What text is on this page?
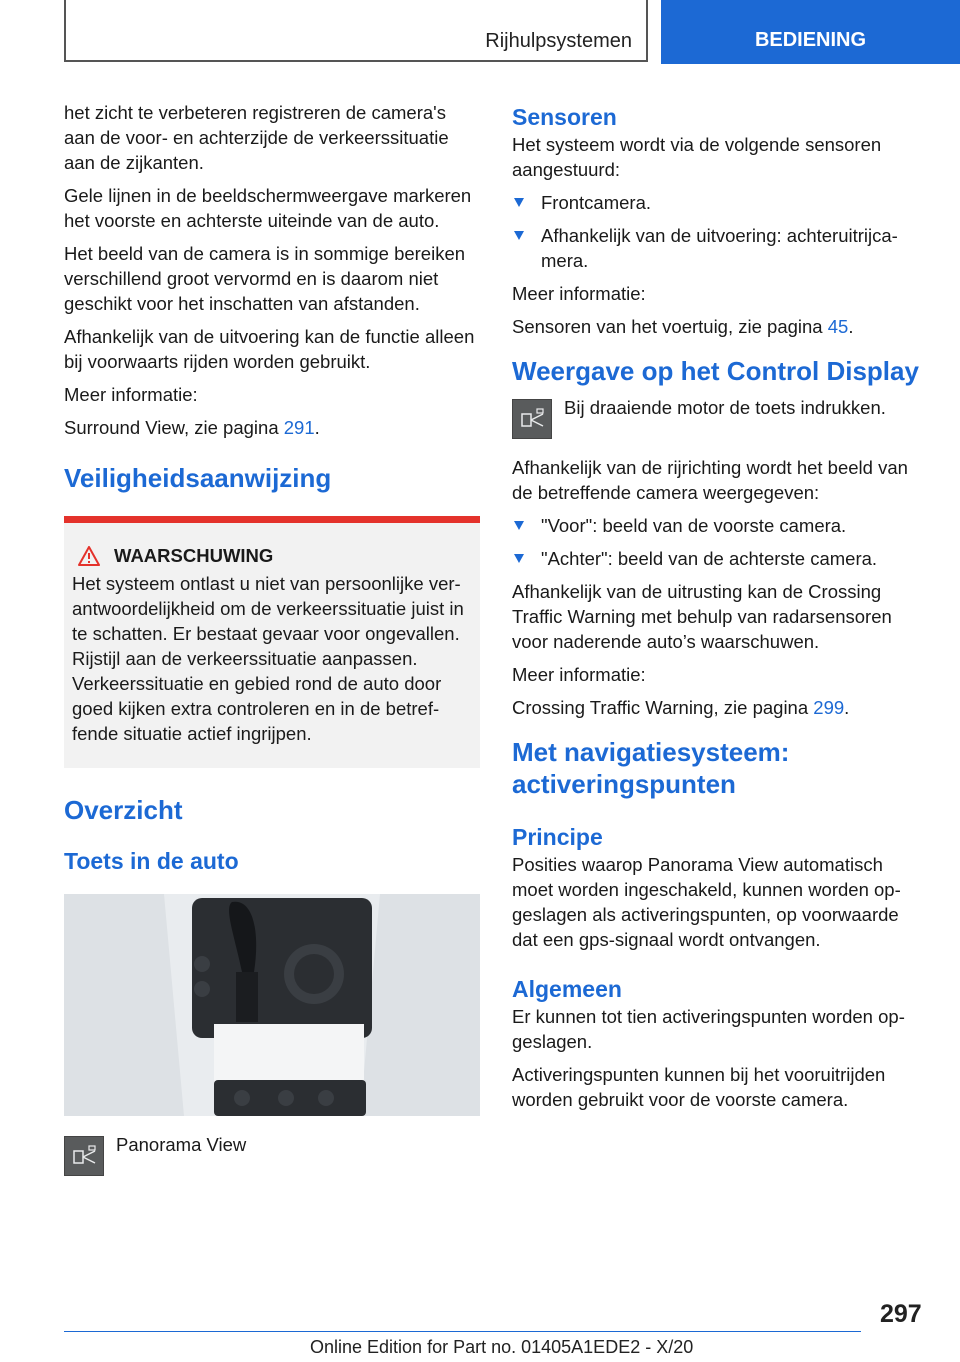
Rijhulpsystemen	BEDIENING

het zicht te verbeteren registreren de camera's aan de voor- en achterzijde de verkeerssituatie aan de zijkanten.

Gele lijnen in de beeldschermweergave markeren het voorste en achterste uiteinde van de auto.

Het beeld van de camera is in sommige bereiken verschillend groot vervormd en is daarom niet geschikt voor het inschatten van afstanden.

Afhankelijk van de uitvoering kan de functie alleen bij voorwaarts rijden worden gebruikt.

Meer informatie:

Surround View, zie pagina 291.

Veiligheidsaanwijzing
WAARSCHUWING

Het systeem ontlast u niet van persoonlijke verantwoordelijkheid om de verkeerssituatie juist in te schatten. Er bestaat gevaar voor ongevallen. Rijstijl aan de verkeerssituatie aanpassen. Verkeerssituatie en gebied rond de auto door goed kijken extra controleren en in de betreffende situatie actief ingrijpen.

Overzicht
Toets in de auto
Panorama View
Sensoren

Het systeem wordt via de volgende sensoren aangestuurd:

Frontcamera.
Afhankelijk van de uitvoering: achteruitrijcamera.

Meer informatie:

Sensoren van het voertuig, zie pagina 45.

Weergave op het Control Display
Bij draaiende motor de toets indrukken.

Afhankelijk van de rijrichting wordt het beeld van de betreffende camera weergegeven:

"Voor": beeld van de voorste camera.
"Achter": beeld van de achterste camera.

Afhankelijk van de uitrusting kan de Crossing Traffic Warning met behulp van radarsensoren voor naderende auto’s waarschuwen.

Meer informatie:

Crossing Traffic Warning, zie pagina 299.

Met navigatiesysteem: activeringspunten
Principe

Posities waarop Panorama View automatisch moet worden ingeschakeld, kunnen worden opgeslagen als activeringspunten, op voorwaarde dat een gps-signaal wordt ontvangen.

Algemeen

Er kunnen tot tien activeringspunten worden opgeslagen.

Activeringspunten kunnen bij het vooruitrijden worden gebruikt voor de voorste camera.

297
Online Edition for Part no. 01405A1EDE2 - X/20
